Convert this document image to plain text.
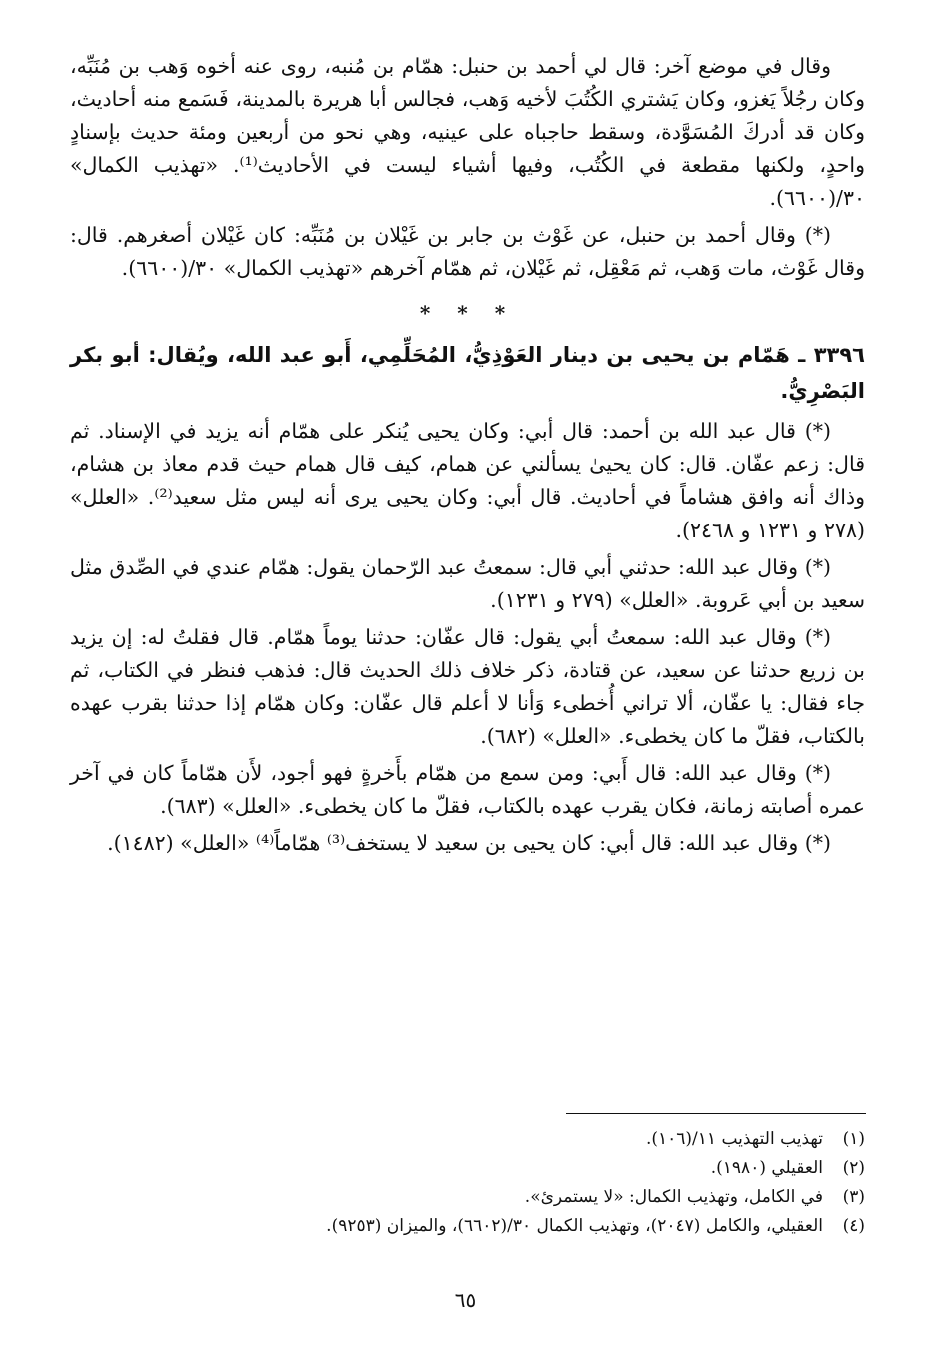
وقال في موضع آخر: قال لي أحمد بن حنبل: همّام بن مُنبه، روى عنه أخوه وَهب بن مُنَبِّه، وكان رجُلاً يَغزو، وكان يَشتري الكُتُبَ لأخيه وَهب، فجالس أبا هريرة بالمدينة، فَسَمع منه أحاديث، وكان قد أدركَ المُسَوَّدة، وسقط حاجباه على عينيه، وهي نحو من أربعين ومئة حديث بإسنادٍ واحدٍ، ولكنها مقطعة في الكُتُب، وفيها أشياء ليست في الأحاديث⁽¹⁾. «تهذيب الكمال» ٣٠/(٦٦٠٠).

(*) وقال أحمد بن حنبل، عن غَوْث بن جابر بن غَيْلان بن مُنَبِّه: كان غَيْلان أصغرهم. قال: وقال غَوْث، مات وَهب، ثم مَعْقِل، ثم غَيْلان، ثم همّام آخرهم «تهذيب الكمال» ٣٠/(٦٦٠٠).

* * *

٣٣٩٦ ـ هَمّام بن يحيى بن دينار العَوْذِيُّ، المُحَلِّمِي، أَبو عبد الله، ويُقال: أبو بكر البَصْرِيُّ.

(*) قال عبد الله بن أحمد: قال أبي: وكان يحيى يُنكر على همّام أنه يزيد في الإسناد. ثم قال: زعم عفّان. قال: كان يحيىٰ يسألني عن همام، كيف قال همام حيث قدم معاذ بن هشام، وذاك أنه وافق هشاماً في أحاديث. قال أبي: وكان يحيى يرى أنه ليس مثل سعيد⁽²⁾. «العلل» (٢٧٨ و ١٢٣١ و ٢٤٦٨).

(*) وقال عبد الله: حدثني أبي قال: سمعتُ عبد الرّحمان يقول: همّام عندي في الصِّدق مثل سعيد بن أبي عَروبة. «العلل» (٢٧٩ و ١٢٣١).

(*) وقال عبد الله: سمعتُ أبي يقول: قال عفّان: حدثنا يوماً همّام. قال فقلتُ له: إن يزيد بن زريع حدثنا عن سعيد، عن قتادة، ذكر خلاف ذلك الحديث قال: فذهب فنظر في الكتاب، ثم جاء فقال: يا عفّان، ألا تراني أُخطىء وَأنا لا أعلم قال عفّان: وكان همّام إذا حدثنا بقرب عهده بالكتاب، فقلّ ما كان يخطىء. «العلل» (٦٨٢).

(*) وقال عبد الله: قال أَبي: ومن سمع من همّام بأَخرةٍ فهو أجود، لأَن همّاماً كان في آخر عمره أصابته زمانة، فكان يقرب عهده بالكتاب، فقلّ ما كان يخطىء. «العلل» (٦٨٣).

(*) وقال عبد الله: قال أبي: كان يحيى بن سعيد لا يستخف⁽³⁾ همّاماً⁽⁴⁾ «العلل» (١٤٨٢).

(١)
تهذيب التهذيب ١١/(١٠٦).
(٢)
العقيلي (١٩٨٠).
(٣)
في الكامل، وتهذيب الكمال: «لا يستمرئ».
(٤)
العقيلي، والكامل (٢٠٤٧)، وتهذيب الكمال ٣٠/(٦٦٠٢)، والميزان (٩٢٥٣).
٦٥
